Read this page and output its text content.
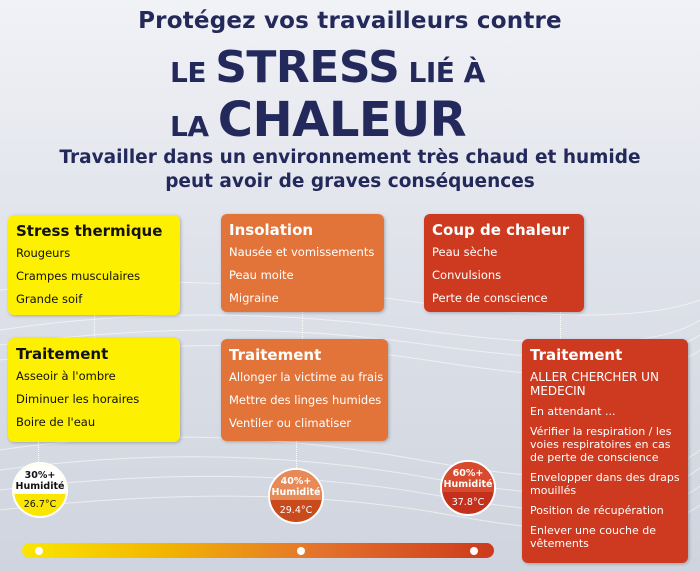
Protégez vos travailleurs contre
LE STRESS LIÉ À
LA CHALEUR
Travailler dans un environnement très chaud et humide
peut avoir de graves conséquences
Stress thermique
Rougeurs
Crampes musculaires
Grande soif
Insolation
Nausée et vomissements
Peau moite
Migraine
Coup de chaleur
Peau sèche
Convulsions
Perte de conscience
Traitement
Asseoir à l'ombre
Diminuer les horaires
Boire de l'eau
Traitement
Allonger la victime au frais
Mettre des linges humides
Ventiler ou climatiser
Traitement
ALLER CHERCHER UN MEDECIN
En attendant ...
Vérifier la respiration / les voies respiratoires en cas de perte de conscience
Envelopper dans des draps mouillés
Position de récupération
Enlever une couche de vêtements
30%+
Humidité
26.7°C
40%+
Humidité
29.4°C
60%+
Humidité
37.8°C
